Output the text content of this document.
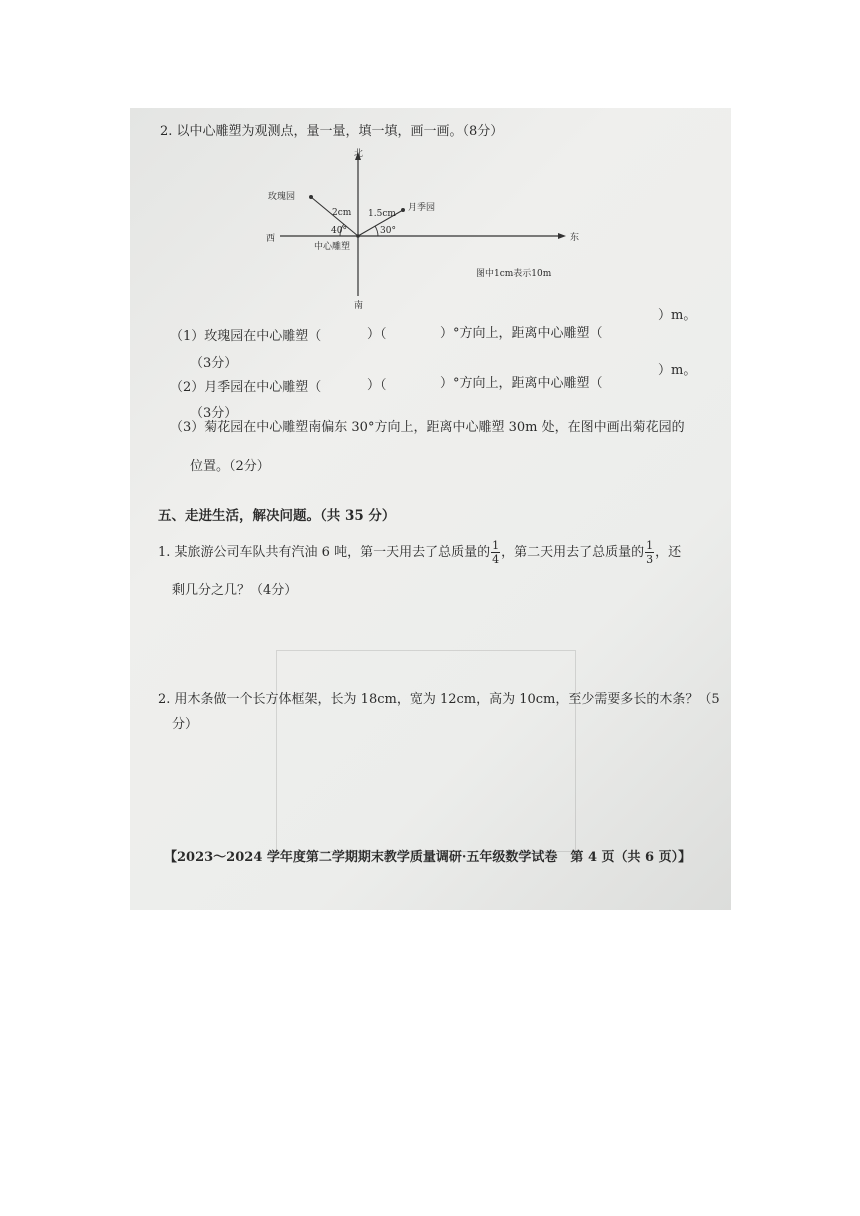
2. 以中心雕塑为观测点，量一量，填一填，画一画。（8分）
北
南
东
西
中心雕塑
玫瑰园
月季园
2cm 1.5cm
40°	30°
图中1cm表示10m
（1）玫瑰园在中心雕塑（	）（	）°方向上，距离中心雕塑（
）m。
（3分）
（2）月季园在中心雕塑（	）（	）°方向上，距离中心雕塑（
）m。
（3分）
（3）菊花园在中心雕塑南偏东 30°方向上，距离中心雕塑 30m 处，在图中画出菊花园的
位置。（2分）
五、走进生活，解决问题。（共 35 分）
1. 某旅游公司车队共有汽油 6 吨，第一天用去了总质量的 $\frac{1}{4}$ ，第二天用去了总质量的 $\frac{1}{3}$ ，还
剩几分之几？（4分）
2. 用木条做一个长方体框架，长为 18cm，宽为 12cm，高为 10cm，至少需要多长的木条？（5
分）
【2023～2024 学年度第二学期期末教学质量调研·五年级数学试卷　第 4 页（共 6 页）】
